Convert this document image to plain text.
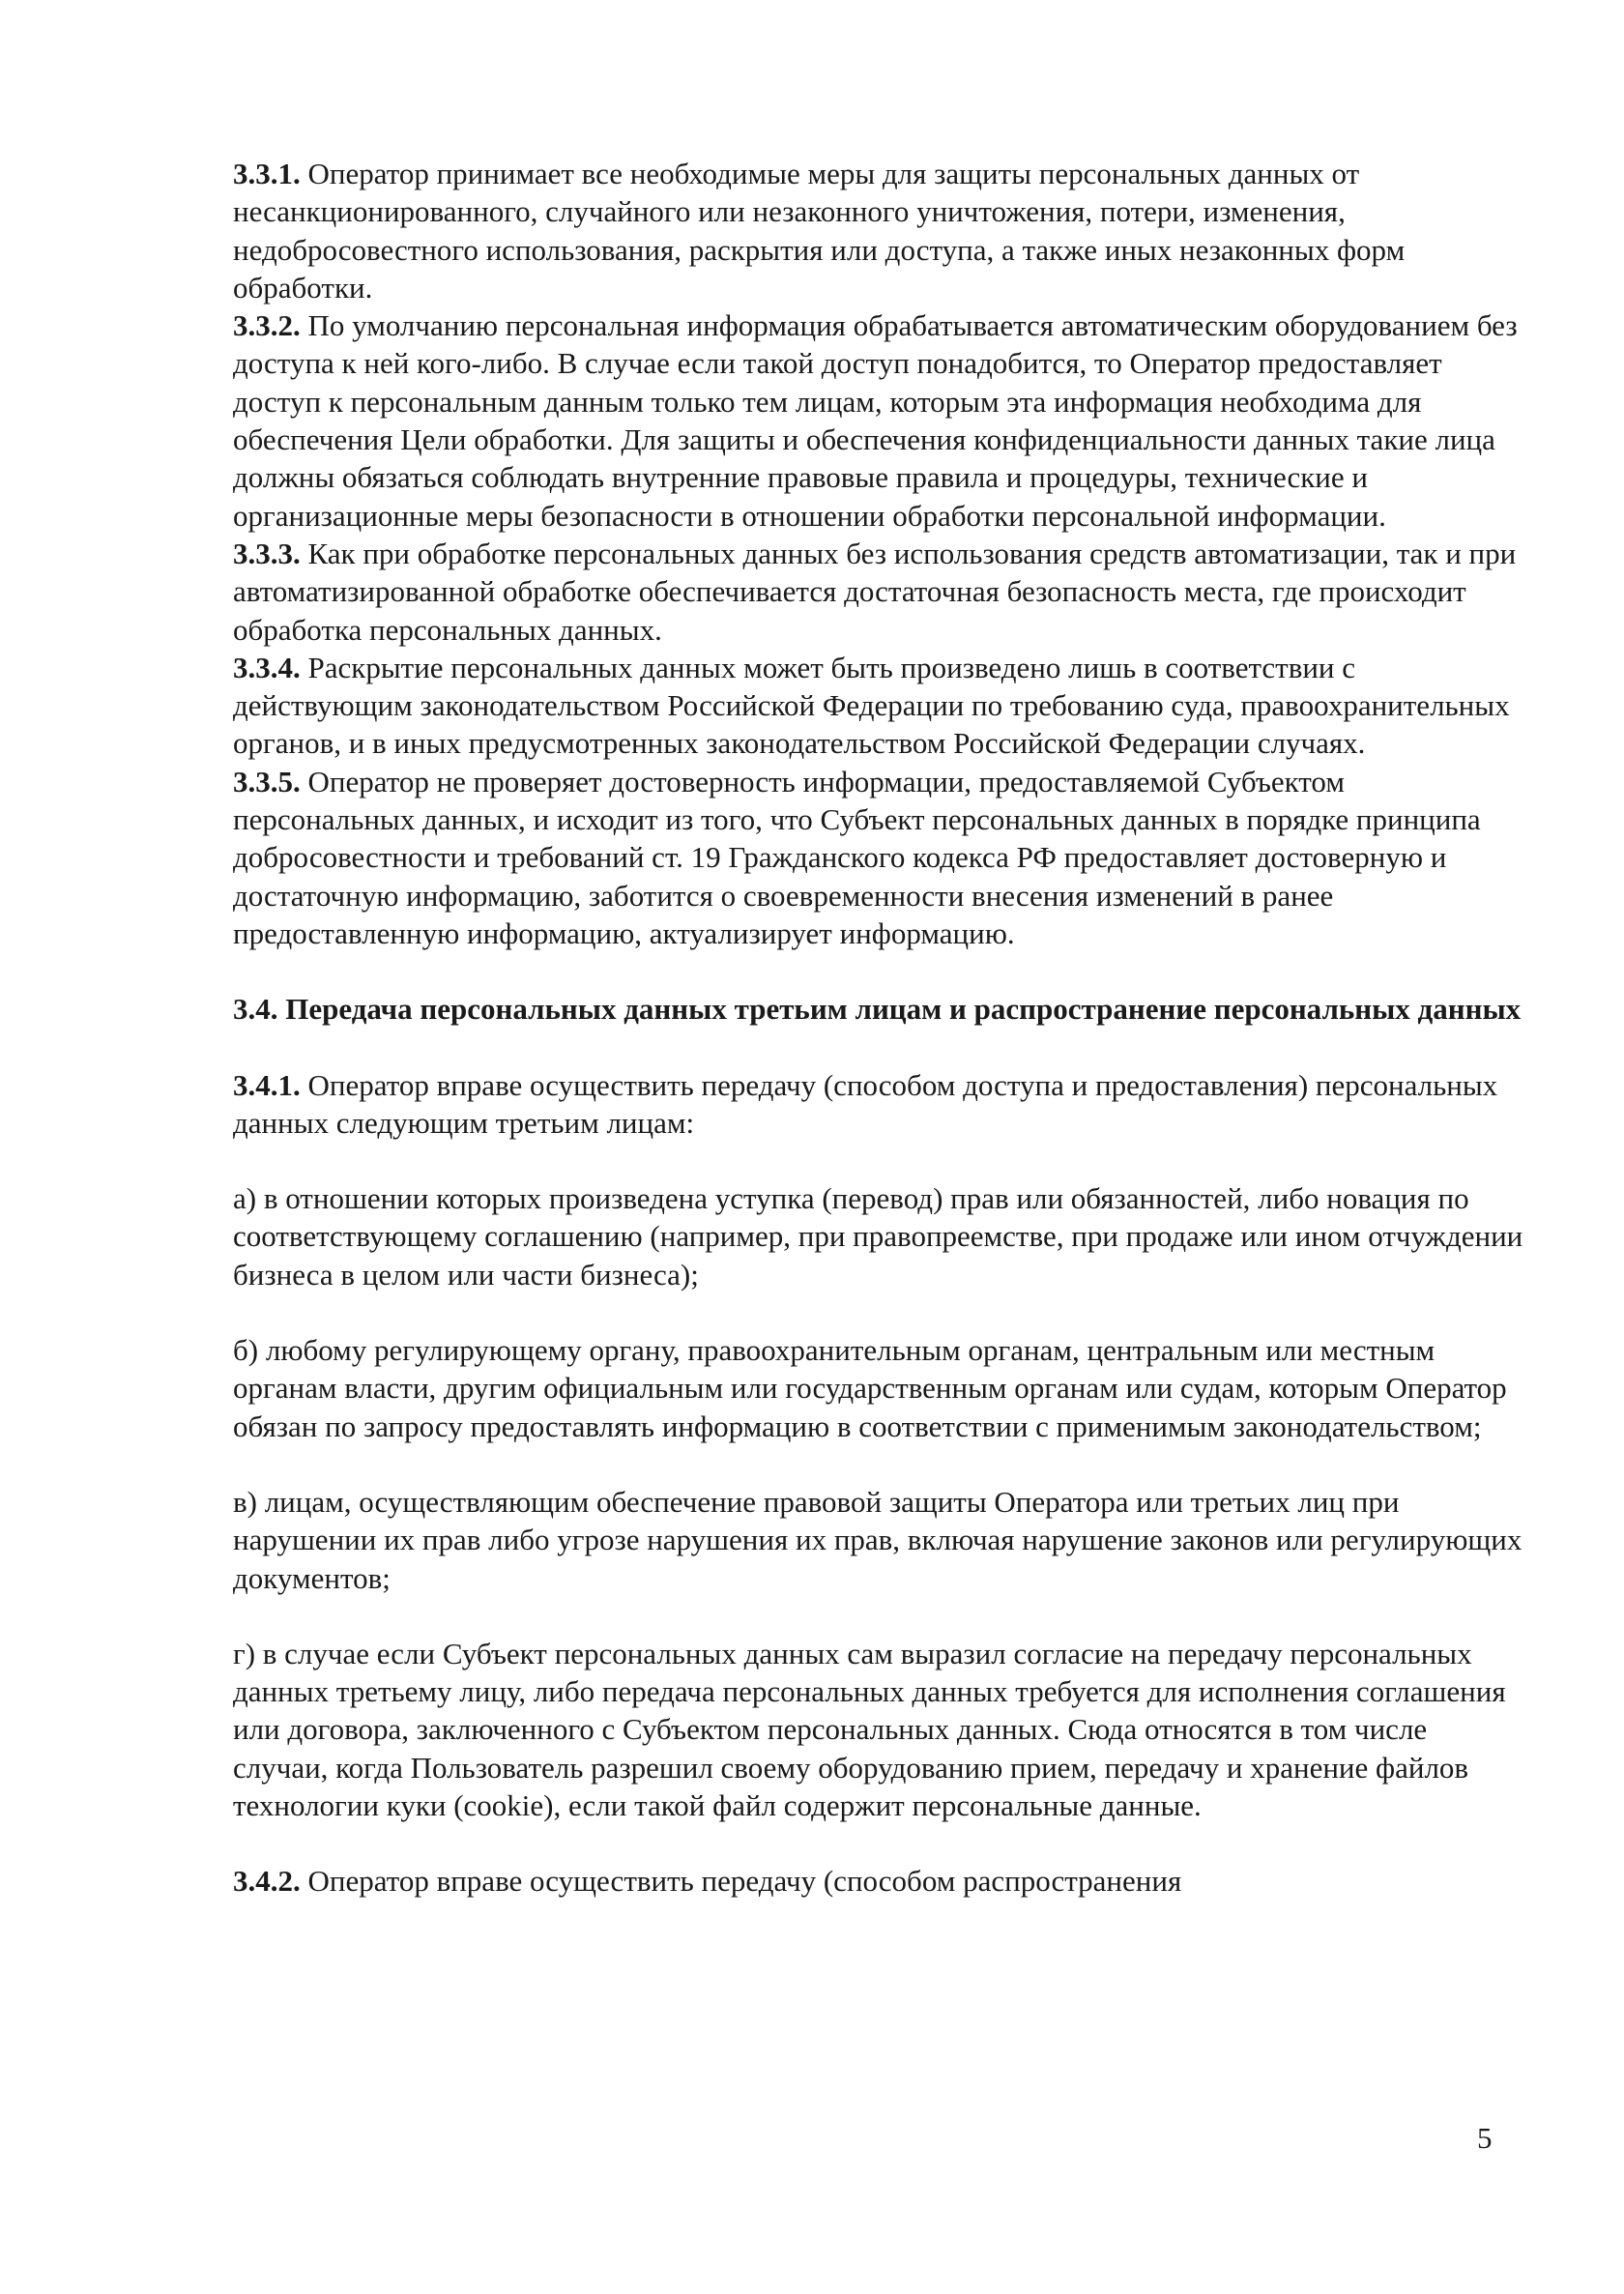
3.3.1. Оператор принимает все необходимые меры для защиты персональных данных от несанкционированного, случайного или незаконного уничтожения, потери, изменения, недобросовестного использования, раскрытия или доступа, а также иных незаконных форм обработки.

3.3.2. По умолчанию персональная информация обрабатывается автоматическим оборудованием без доступа к ней кого-либо. В случае если такой доступ понадобится, то Оператор предоставляет доступ к персональным данным только тем лицам, которым эта информация необходима для обеспечения Цели обработки. Для защиты и обеспечения конфиденциальности данных такие лица должны обязаться соблюдать внутренние правовые правила и процедуры, технические и организационные меры безопасности в отношении обработки персональной информации.

3.3.3. Как при обработке персональных данных без использования средств автоматизации, так и при автоматизированной обработке обеспечивается достаточная безопасность места, где происходит обработка персональных данных.

3.3.4. Раскрытие персональных данных может быть произведено лишь в соответствии с действующим законодательством Российской Федерации по требованию суда, правоохранительных органов, и в иных предусмотренных законодательством Российской Федерации случаях.

3.3.5. Оператор не проверяет достоверность информации, предоставляемой Субъектом персональных данных, и исходит из того, что Субъект персональных данных в порядке принципа добросовестности и требований ст. 19 Гражданского кодекса РФ предоставляет достоверную и достаточную информацию, заботится о своевременности внесения изменений в ранее предоставленную информацию, актуализирует информацию.

3.4. Передача персональных данных третьим лицам и распространение персональных данных

3.4.1. Оператор вправе осуществить передачу (способом доступа и предоставления) персональных данных следующим третьим лицам:

а) в отношении которых произведена уступка (перевод) прав или обязанностей, либо новация по соответствующему соглашению (например, при правопреемстве, при продаже или ином отчуждении бизнеса в целом или части бизнеса);

б) любому регулирующему органу, правоохранительным органам, центральным или местным органам власти, другим официальным или государственным органам или судам, которым Оператор обязан по запросу предоставлять информацию в соответствии с применимым законодательством;

в) лицам, осуществляющим обеспечение правовой защиты Оператора или третьих лиц при нарушении их прав либо угрозе нарушения их прав, включая нарушение законов или регулирующих документов;

г) в случае если Субъект персональных данных сам выразил согласие на передачу персональных данных третьему лицу, либо передача персональных данных требуется для исполнения соглашения или договора, заключенного с Субъектом персональных данных. Сюда относятся в том числе случаи, когда Пользователь разрешил своему оборудованию прием, передачу и хранение файлов технологии куки (cookie), если такой файл содержит персональные данные.

3.4.2. Оператор вправе осуществить передачу (способом распространения

5
